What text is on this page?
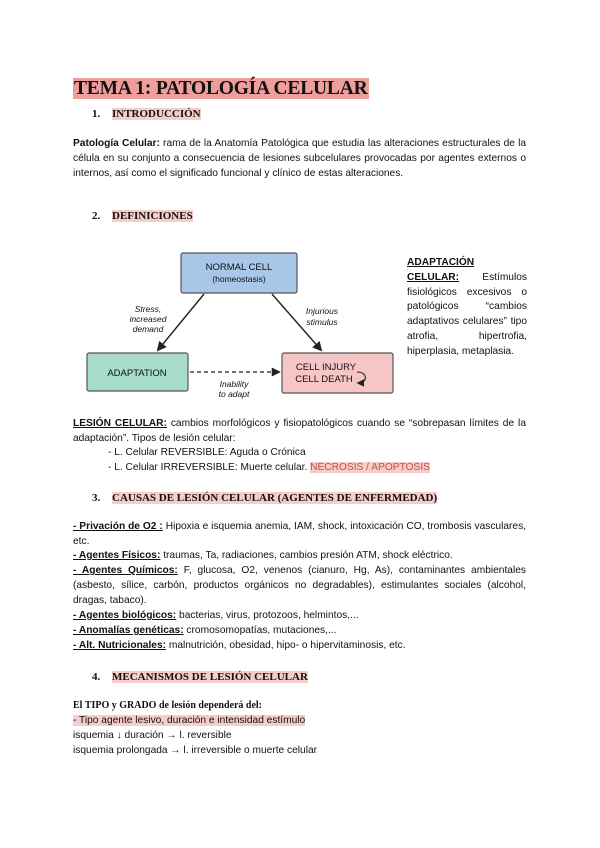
TEMA 1: PATOLOGÍA CELULAR
1. INTRODUCCIÓN
Patología Celular: rama de la Anatomía Patológica que estudia las alteraciones estructurales de la célula en su conjunto a consecuencia de lesiones subcelulares provocadas por agentes externos o internos, así como el significado funcional y clínico de estas alteraciones.
2. DEFINICIONES
NORMAL CELL
(homeostasis)
ADAPTATION
CELL INJURY
CELL DEATH
Stress,
increased
demand
Injurious
stimulus
Inability
to adapt
ADAPTACIÓN CELULAR: Estímulos fisiológicos excesivos o patológicos “cambios adaptativos celulares” tipo atrofia, hipertrofia, hiperplasia, metaplasia.
LESIÓN CELULAR: cambios morfológicos y fisiopatológicos cuando se “sobrepasan límites de la adaptación”. Tipos de lesión celular:
- L. Celular REVERSIBLE: Aguda o Crónica
- L. Celular IRREVERSIBLE: Muerte celular. NECROSIS / APOPTOSIS
3. CAUSAS DE LESIÓN CELULAR (AGENTES DE ENFERMEDAD)
- Privación de O2 : Hipoxia e isquemia anemia, IAM, shock, intoxicación CO, trombosis vasculares, etc.
- Agentes Físicos: traumas, Ta, radiaciones, cambios presión ATM, shock eléctrico.
- Agentes Químicos: F, glucosa, O2, venenos (cianuro, Hg, As), contaminantes ambientales (asbesto, sílice, carbón, productos orgánicos no degradables), estimulantes sociales (alcohol, dragas, tabaco).
- Agentes biológicos: bacterias, virus, protozoos, helmintos,...
- Anomalías genéticas: cromosomopatías, mutaciones,...
- Alt. Nutricionales: malnutrición, obesidad, hipo- o hipervitaminosis, etc.
4. MECANISMOS DE LESIÓN CELULAR
El TIPO y GRADO de lesión dependerá del:
- Tipo agente lesivo, duración e intensidad estímulo
isquemia ↓ duración → l. reversible
isquemia prolongada → l. irreversible o muerte celular
